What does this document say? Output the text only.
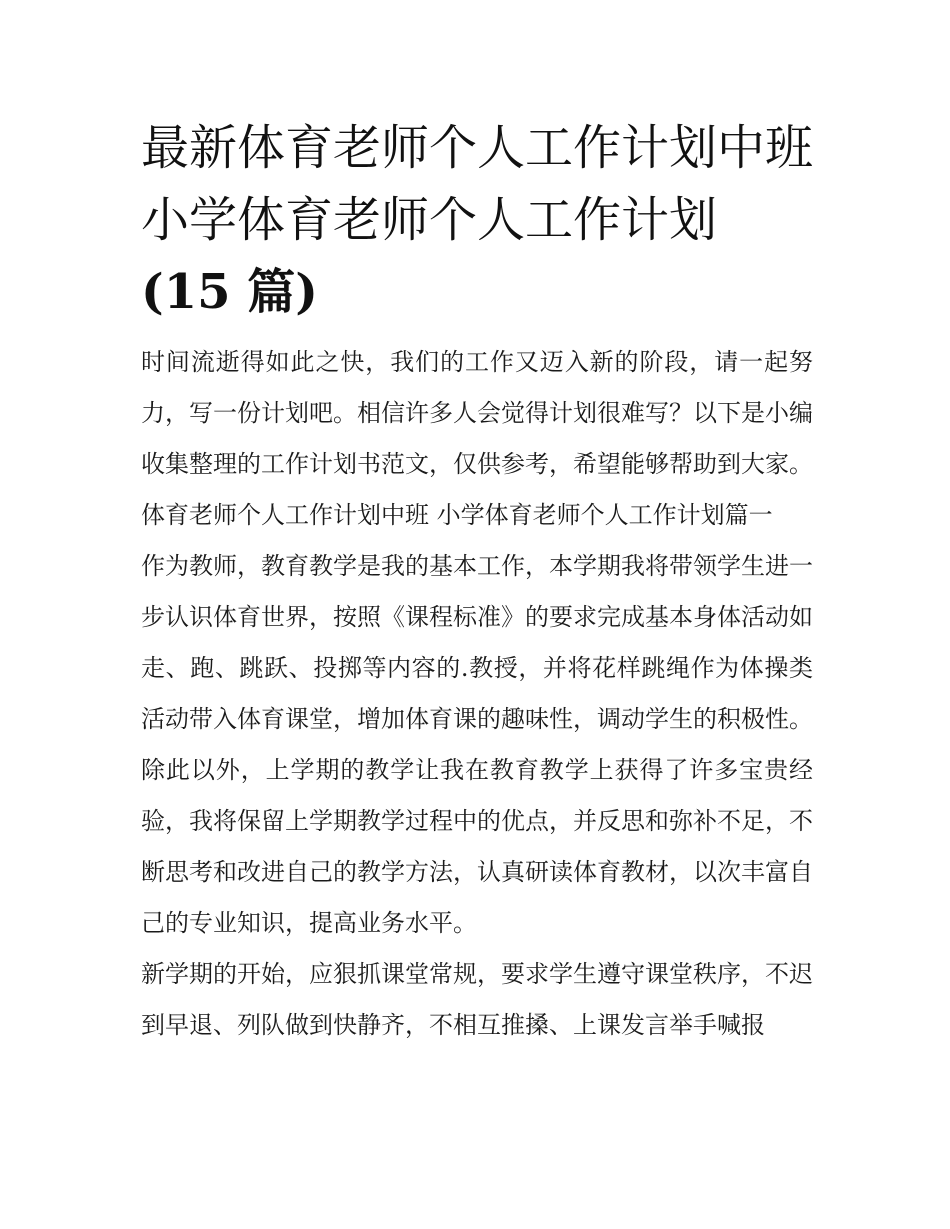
最新体育老师个人工作计划中班 小学体育老师个人工作计划
(15 篇)

时间流逝得如此之快，我们的工作又迈入新的阶段，请一起努力，写一份计划吧。相信许多人会觉得计划很难写？以下是小编收集整理的工作计划书范文，仅供参考，希望能够帮助到大家。

体育老师个人工作计划中班 小学体育老师个人工作计划篇一

作为教师，教育教学是我的基本工作，本学期我将带领学生进一步认识体育世界，按照《课程标准》的要求完成基本身体活动如走、跑、跳跃、投掷等内容的.教授，并将花样跳绳作为体操类活动带入体育课堂，增加体育课的趣味性，调动学生的积极性。除此以外，上学期的教学让我在教育教学上获得了许多宝贵经验，我将保留上学期教学过程中的优点，并反思和弥补不足，不断思考和改进自己的教学方法，认真研读体育教材，以次丰富自己的专业知识，提高业务水平。

新学期的开始，应狠抓课堂常规，要求学生遵守课堂秩序，不迟到早退、列队做到快静齐，不相互推搡、上课发言举手喊报
